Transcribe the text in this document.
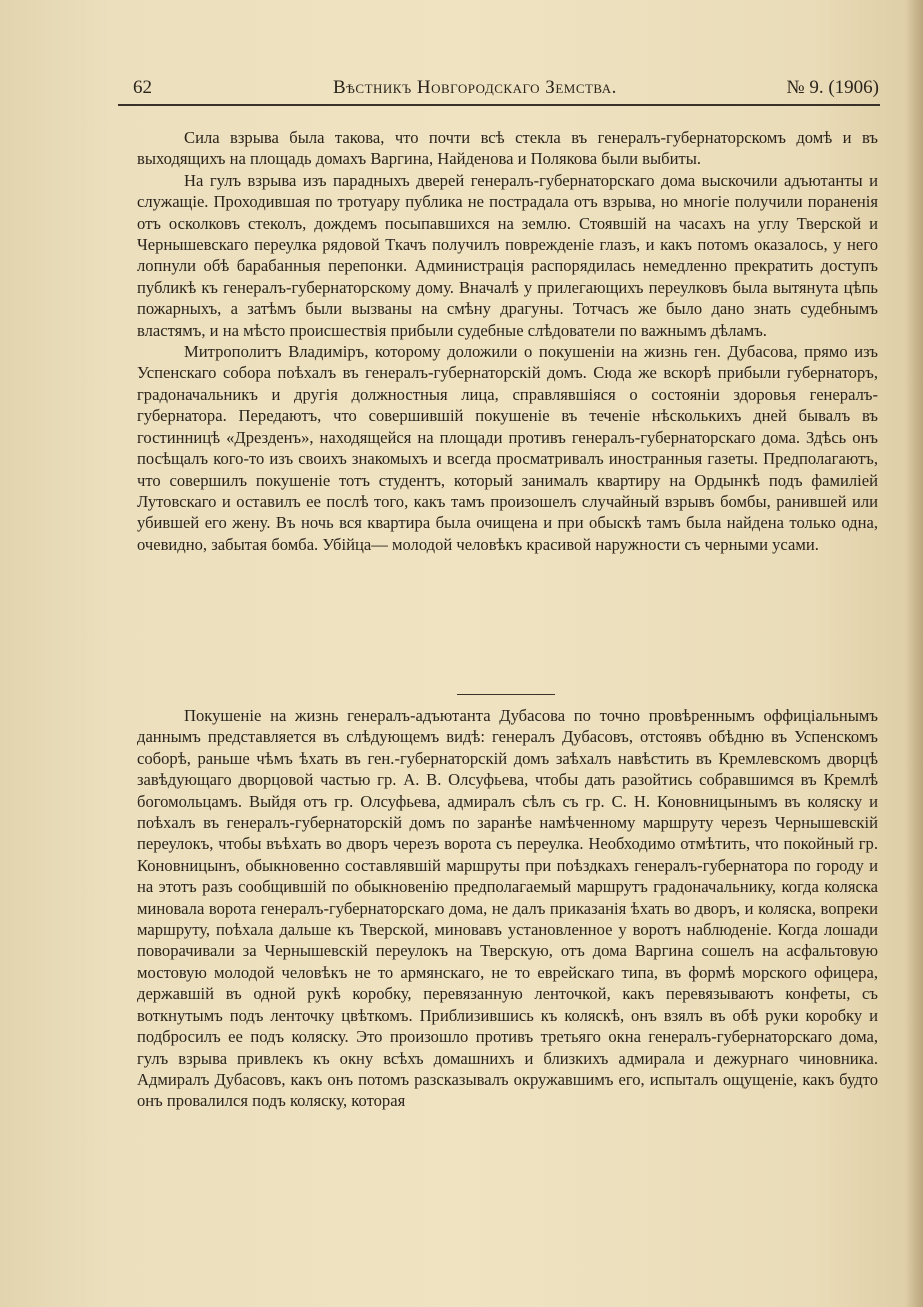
62	Вѣстникъ Новгородскаго Земства.	№ 9. (1906)

Сила взрыва была такова, что почти всѣ стекла въ генералъ-губернаторскомъ домѣ и въ выходящихъ на площадь домахъ Варгина, Найденова и Полякова были выбиты.

На гулъ взрыва изъ парадныхъ дверей генералъ-губернаторскаго дома выскочили адъютанты и служащіе. Проходившая по тротуару публика не пострадала отъ взрыва, но многіе получили пораненія отъ осколковъ стеколъ, дождемъ посыпавшихся на землю. Стоявшій на часахъ на углу Тверской и Чернышевскаго переулка рядовой Ткачъ получилъ поврежденіе глазъ, и какъ потомъ оказалось, у него лопнули обѣ барабанныя перепонки. Администрація распорядилась немедленно прекратить доступъ публикѣ къ генералъ-губернаторскому дому. Вначалѣ у прилегающихъ переулковъ была вытянута цѣпь пожарныхъ, а затѣмъ были вызваны на смѣну драгуны. Тотчасъ же было дано знать судебнымъ властямъ, и на мѣсто происшествія прибыли судебные слѣдователи по важнымъ дѣламъ.

Митрополитъ Владиміръ, которому доложили о покушеніи на жизнь ген. Дубасова, прямо изъ Успенскаго собора поѣхалъ въ генералъ-губернаторскій домъ. Сюда же вскорѣ прибыли губернаторъ, градоначальникъ и другія должностныя лица, справлявшіяся о состояніи здоровья генералъ-губернатора. Передаютъ, что совершившій покушеніе въ теченіе нѣсколькихъ дней бывалъ въ гостинницѣ «Дрезденъ», находящейся на площади противъ генералъ-губернаторскаго дома. Здѣсь онъ посѣщалъ кого-то изъ своихъ знакомыхъ и всегда просматривалъ иностранныя газеты. Предполагаютъ, что совершилъ покушеніе тотъ студентъ, который занималъ квартиру на Ордынкѣ подъ фамиліей Лутовскаго и оставилъ ее послѣ того, какъ тамъ произошелъ случайный взрывъ бомбы, ранившей или убившей его жену. Въ ночь вся квартира была очищена и при обыскѣ тамъ была найдена только одна, очевидно, забытая бомба. Убійца— молодой человѣкъ красивой наружности съ черными усами.

Покушеніе на жизнь генералъ-адъютанта Дубасова по точно провѣреннымъ оффиціальнымъ даннымъ представляется въ слѣдующемъ видѣ: генералъ Дубасовъ, отстоявъ обѣдню въ Успенскомъ соборѣ, раньше чѣмъ ѣхать въ ген.-губернаторскій домъ заѣхалъ навѣстить въ Кремлевскомъ дворцѣ завѣдующаго дворцовой частью гр. А. В. Олсуфьева, чтобы дать разойтись собравшимся въ Кремлѣ богомольцамъ. Выйдя отъ гр. Олсуфьева, адмиралъ сѣлъ съ гр. С. Н. Коновницынымъ въ коляску и поѣхалъ въ генералъ-губернаторскій домъ по заранѣе намѣченному маршруту черезъ Чернышевскій переулокъ, чтобы въѣхать во дворъ черезъ ворота съ переулка. Необходимо отмѣтить, что покойный гр. Коновницынъ, обыкновенно составлявшій маршруты при поѣздкахъ генералъ-губернатора по городу и на этотъ разъ сообщившій по обыкновенію предполагаемый маршрутъ градоначальнику, когда коляска миновала ворота генералъ-губернаторскаго дома, не далъ приказанія ѣхать во дворъ, и коляска, вопреки маршруту, поѣхала дальше къ Тверской, миновавъ установленное у воротъ наблюденіе. Когда лошади поворачивали за Чернышевскій переулокъ на Тверскую, отъ дома Варгина сошелъ на асфальтовую мостовую молодой человѣкъ не то армянскаго, не то еврейскаго типа, въ формѣ морского офицера, державшій въ одной рукѣ коробку, перевязанную ленточкой, какъ перевязываютъ конфеты, съ воткнутымъ подъ ленточку цвѣткомъ. Приблизившись къ коляскѣ, онъ взялъ въ обѣ руки коробку и подбросилъ ее подъ коляску. Это произошло противъ третьяго окна генералъ-губернаторскаго дома, гулъ взрыва привлекъ къ окну всѣхъ домашнихъ и близкихъ адмирала и дежурнаго чиновника. Адмиралъ Дубасовъ, какъ онъ потомъ разсказывалъ окружавшимъ его, испыталъ ощущеніе, какъ будто онъ провалился подъ коляску, которая
